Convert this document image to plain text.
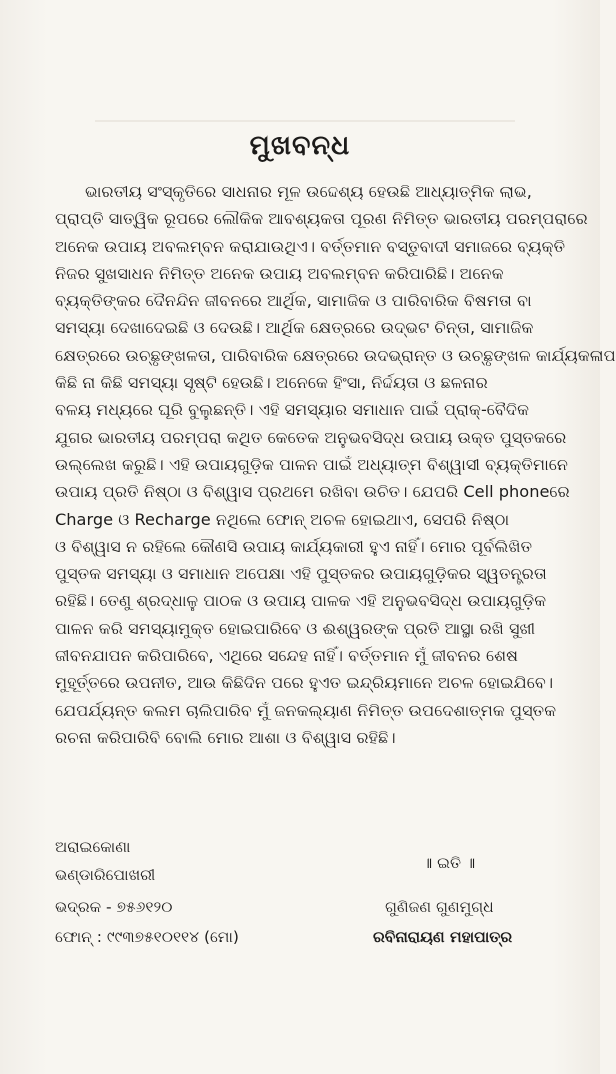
ମୁଖବନ୍ଧ
ଭାରତୀୟ ସଂସ୍କୃତିରେ ସାଧନାର ମୂଳ ଉଦ୍ଦେଶ୍ୟ ହେଉଛି ଆଧ୍ୟାତ୍ମିକ ଲାଭ,
ପ୍ରାପ୍ତି ସାତ୍ୱିକ ରୂପରେ ଲୌକିକ ଆବଶ୍ୟକତା ପୂରଣ ନିମିତ୍ତ ଭାରତୀୟ ପରମ୍ପରାରେ
ଅନେକ ଉପାୟ ଅବଲମ୍ବନ କରାଯାଉଥିଏ। ବର୍ତ୍ତମାନ ବସ୍ତୁବାଦୀ ସମାଜରେ ବ୍ୟକ୍ତି
ନିଜର ସୁଖସାଧନ ନିମିତ୍ତ ଅନେକ ଉପାୟ ଅବଲମ୍ବନ କରିପାରିଛି। ଅନେକ
ବ୍ୟକ୍ତିଙ୍କର ଦୈନନ୍ଦିନ ଜୀବନରେ ଆର୍ଥିକ, ସାମାଜିକ ଓ ପାରିବାରିକ ବିଷମତା ବା
ସମସ୍ୟା ଦେଖାଦେଇଛି ଓ ଦେଉଛି। ଆର୍ଥିକ କ୍ଷେତ୍ରରେ ଉଦ୍ଭଟ ଚିନ୍ତା, ସାମାଜିକ
କ୍ଷେତ୍ରରେ ଉଚ୍ଛୃଙ୍ଖଳତା, ପାରିବାରିକ କ୍ଷେତ୍ରରେ ଉଦଭ୍ରାନ୍ତ ଓ ଉଚ୍ଛୃଙ୍ଖଳ କାର୍ଯ୍ୟକଳାପ
କିଛି ନା କିଛି ସମସ୍ୟା ସୃଷ୍ଟି ହେଉଛି। ଅନେକେ ହିଂସା, ନିର୍ଦ୍ଦୟତା ଓ ଛଳନାର
ବଳୟ ମଧ୍ୟରେ ଘୂରି ବୁଲୁଛନ୍ତି। ଏହି ସମସ୍ୟାର ସମାଧାନ ପାଇଁ ପ୍ରାକ୍-ବୈଦିକ
ଯୁଗର ଭାରତୀୟ ପରମ୍ପରା କଥିତ କେତେକ ଅନୁଭବସିଦ୍ଧ ଉପାୟ ଉକ୍ତ ପୁସ୍ତକରେ
ଉଲ୍ଲେଖ କରୁଛି। ଏହି ଉପାୟଗୁଡ଼ିକ ପାଳନ ପାଇଁ ଅଧ୍ୟାତ୍ମ ବିଶ୍ୱାସୀ ବ୍ୟକ୍ତିମାନେ
ଉପାୟ ପ୍ରତି ନିଷ୍ଠା ଓ ବିଶ୍ୱାସ ପ୍ରଥମେ ରଖିବା ଉଚିତ। ଯେପରି Cell phoneରେ
Charge ଓ Recharge ନଥିଲେ ଫୋନ୍ ଅଚଳ ହୋଇଥାଏ, ସେପରି ନିଷ୍ଠା
ଓ ବିଶ୍ୱାସ ନ ରହିଲେ କୌଣସି ଉପାୟ କାର୍ଯ୍ୟକାରୀ ହୁଏ ନାହିଁ। ମୋର ପୂର୍ବଲିଖିତ
ପୁସ୍ତକ ସମସ୍ୟା ଓ ସମାଧାନ ଅପେକ୍ଷା ଏହି ପୁସ୍ତକର ଉପାୟଗୁଡ଼ିକର ସ୍ୱତନ୍ତ୍ରତା
ରହିଛି। ତେଣୁ ଶ୍ରଦ୍ଧାଳୁ ପାଠକ ଓ ଉପାୟ ପାଳକ ଏହି ଅନୁଭବସିଦ୍ଧ ଉପାୟଗୁଡ଼ିକ
ପାଳନ କରି ସମସ୍ୟାମୁକ୍ତ ହୋଇପାରିବେ ଓ ଈଶ୍ୱରଙ୍କ ପ୍ରତି ଆସ୍ଥା ରଖି ସୁଖୀ
ଜୀବନଯାପନ କରିପାରିବେ, ଏଥିରେ ସନ୍ଦେହ ନାହିଁ। ବର୍ତ୍ତମାନ ମୁଁ ଜୀବନର ଶେଷ
ମୁହୂର୍ତ୍ତରେ ଉପନୀତ, ଆଉ କିଛିଦିନ ପରେ ହୁଏତ ଇନ୍ଦ୍ରିୟମାନେ ଅଚଳ ହୋଇଯିବେ।
ଯେପର୍ଯ୍ୟନ୍ତ କଲମ ଚାଲିପାରିବ ମୁଁ ଜନକଲ୍ୟାଣ ନିମିତ୍ତ ଉପଦେଶାତ୍ମକ ପୁସ୍ତକ
ରଚନା କରିପାରିବି ବୋଲି ମୋର ଆଶା ଓ ବିଶ୍ୱାସ ରହିଛି।
ଅରାଇକୋଣା
ଭଣ୍ଡାରିପୋଖରୀ
ଭଦ୍ରକ - ୭୫୬୧୨୦
ଫୋନ୍ : ୯୯୩୭୫୧୦୧୧୪ (ମୋ)
॥ ଇତି ॥
ଗୁଣିଜଣ ଗୁଣମୁଗ୍ଧ
ରବିନାରାୟଣ ମହାପାତ୍ର
